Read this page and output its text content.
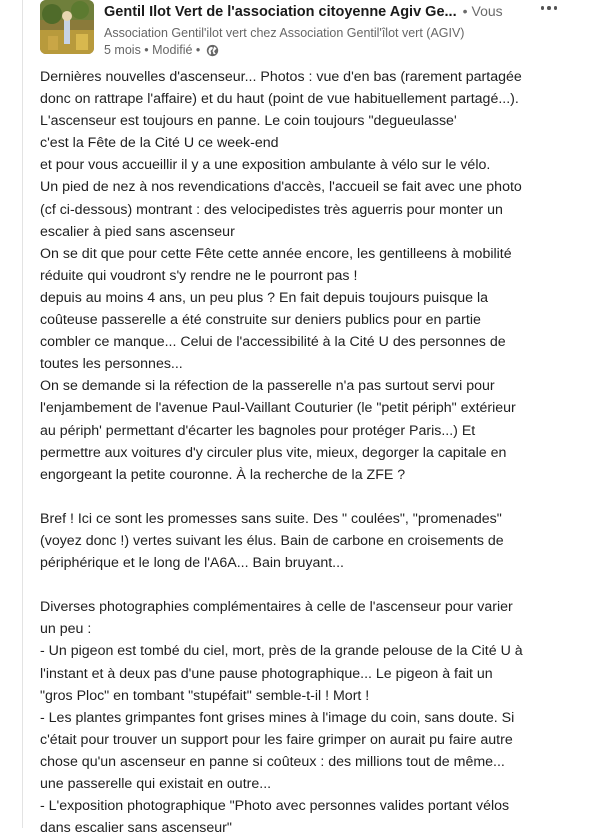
Gentil Ilot Vert de l'association citoyenne Agiv Ge... • Vous
Association Gentil'ilot vert chez Association Gentil'îlot vert (AGIV)
5 mois • Modifié •

Dernières nouvelles d'ascenseur... Photos : vue d'en bas (rarement partagée

donc on rattrape l'affaire) et du haut (point de vue habituellement partagé...).

L'ascenseur est toujours en panne. Le coin toujours "degueulasse'

c'est la Fête de la Cité U ce week-end

et pour vous accueillir il y a une exposition ambulante à vélo sur le vélo.

Un pied de nez à nos revendications d'accès, l'accueil se fait avec une photo

(cf ci-dessous) montrant : des velocipedistes très aguerris pour monter un

escalier à pied sans ascenseur

On se dit que pour cette Fête cette année encore, les gentilleens à mobilité

réduite qui voudront s'y rendre ne le pourront pas !

depuis au moins 4 ans, un peu plus ? En fait depuis toujours puisque la

coûteuse passerelle a été construite sur deniers publics pour en partie

combler ce manque... Celui de l'accessibilité à la Cité U des personnes de

toutes les personnes...

On se demande si la réfection de la passerelle n'a pas surtout servi pour

l'enjambement de l'avenue Paul-Vaillant Couturier (le "petit périph" extérieur

au périph' permettant d'écarter les bagnoles pour protéger Paris...) Et

permettre aux voitures d'y circuler plus vite, mieux, degorger la capitale en

engorgeant la petite couronne. À la recherche de la ZFE ?

Bref ! Ici ce sont les promesses sans suite. Des " coulées", "promenades"

(voyez donc !) vertes suivant les élus. Bain de carbone en croisements de

périphérique et le long de l'A6A... Bain bruyant...

Diverses photographies complémentaires à celle de l'ascenseur pour varier

un peu :

- Un pigeon est tombé du ciel, mort, près de la grande pelouse de la Cité U à

l'instant et à deux pas d'une pause photographique... Le pigeon à fait un

"gros Ploc" en tombant "stupéfait" semble-t-il ! Mort !

- Les plantes grimpantes font grises mines à l'image du coin, sans doute. Si

c'était pour trouver un support pour les faire grimper on aurait pu faire autre

chose qu'un ascenseur en panne si coûteux : des millions tout de même...

une passerelle qui existait en outre...

- L'exposition photographique "Photo avec personnes valides portant vélos

dans escalier sans ascenseur"
